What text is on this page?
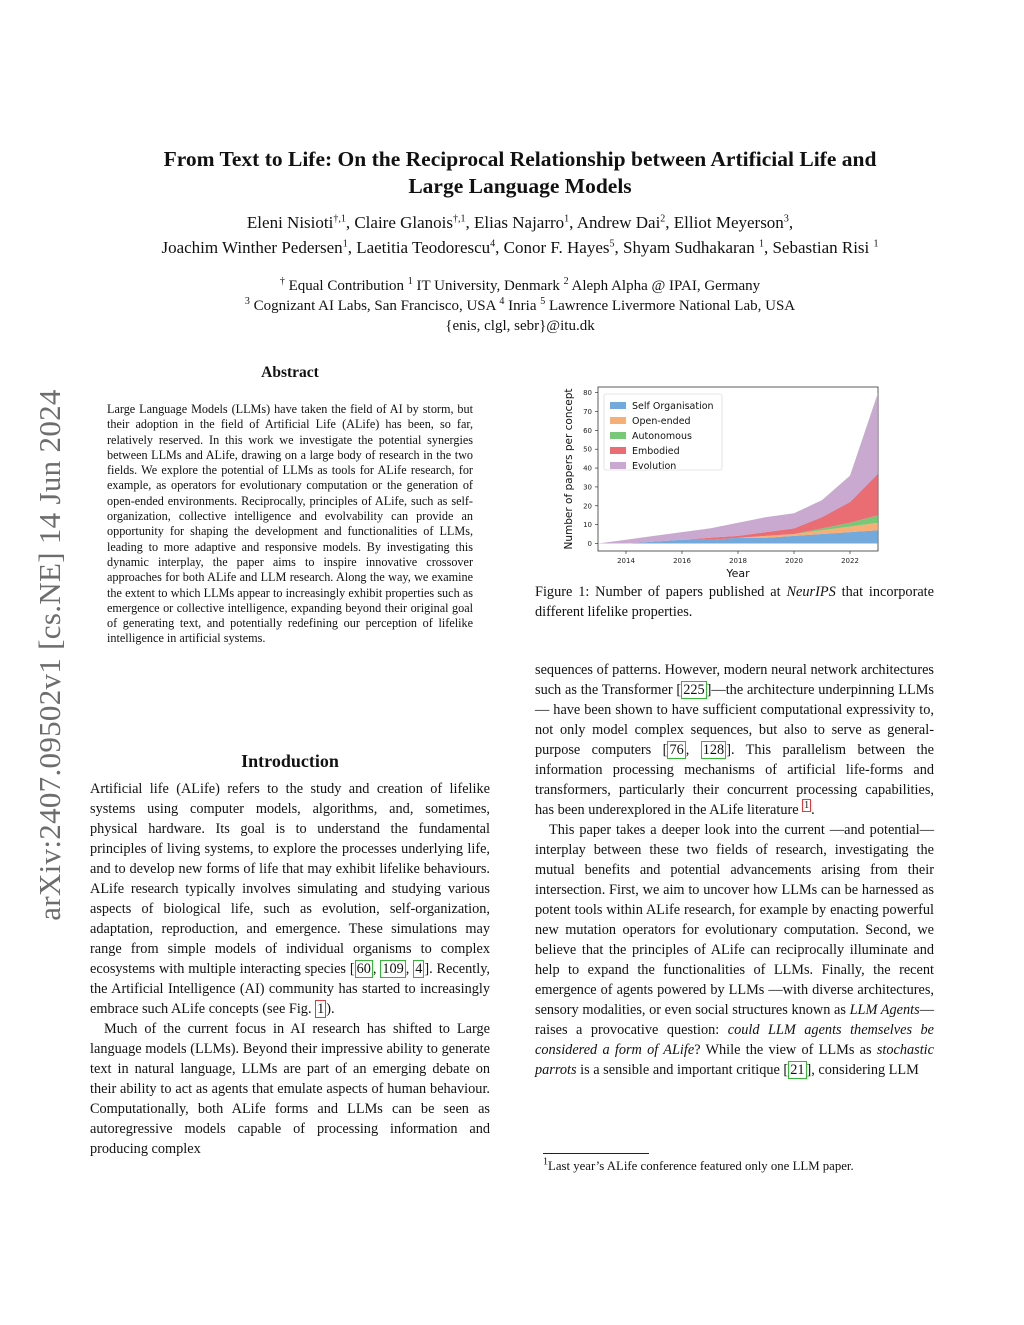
arXiv:2407.09502v1 [cs.NE] 14 Jun 2024
From Text to Life: On the Reciprocal Relationship between Artificial Life and
Large Language Models
Eleni Nisioti$^{\dagger,1}$, Claire Glanois$^{\dagger,1}$, Elias Najarro$^1$, Andrew Dai$^2$, Elliot Meyerson$^3$,
Joachim Winther Pedersen$^1$, Laetitia Teodorescu$^4$, Conor F. Hayes$^5$, Shyam Sudhakaran $^1$, Sebastian Risi $^1$
† Equal Contribution $^1$ IT University, Denmark $^2$ Aleph Alpha @ IPAI, Germany
$^3$ Cognizant AI Labs, San Francisco, USA $^4$ Inria $^5$ Lawrence Livermore National Lab, USA
{enis, clgl, sebr}@itu.dk
Abstract
Large Language Models (LLMs) have taken the field of AI by storm, but their adoption in the field of Artificial Life (ALife) has been, so far, relatively reserved. In this work we investigate the potential synergies between LLMs and ALife, drawing on a large body of research in the two fields. We explore the potential of LLMs as tools for ALife research, for example, as operators for evolutionary computation or the generation of open-ended environments. Reciprocally, principles of ALife, such as self-organization, collective intelligence and evolvability can provide an opportunity for shaping the development and functionalities of LLMs, leading to more adaptive and responsive models. By investigating this dynamic interplay, the paper aims to inspire innovative crossover approaches for both ALife and LLM research. Along the way, we examine the extent to which LLMs appear to increasingly exhibit properties such as emergence or collective intelligence, expanding beyond their original goal of generating text, and potentially redefining our perception of lifelike intelligence in artificial systems.
Introduction

Artificial life (ALife) refers to the study and creation of lifelike systems using computer models, algorithms, and, sometimes, physical hardware. Its goal is to understand the fundamental principles of living systems, to explore the processes underlying life, and to develop new forms of life that may exhibit lifelike behaviours. ALife research typically involves simulating and studying various aspects of biological life, such as evolution, self-organization, adaptation, reproduction, and emergence. These simulations may range from simple models of individual organisms to complex ecosystems with multiple interacting species [ 60 , 109 , 4 ]. Recently, the Artificial Intelligence (AI) community has started to increasingly embrace such ALife concepts (see Fig. 1 ).

Much of the current focus in AI research has shifted to Large language models (LLMs). Beyond their impressive ability to generate text in natural language, LLMs are part of an emerging debate on their ability to act as agents that emulate aspects of human behaviour. Computationally, both ALife forms and LLMs can be seen as autoregressive models capable of processing information and producing complex

0
10
20
30
40
50
60
70
80
2014	2016	2018	2020	2022
Year
Number of papers per concept	Self Organisation
Open-ended
Autonomous
Embodied
Evolution
Figure 1: Number of papers published at NeurIPS that incorporate different lifelike properties.

sequences of patterns. However, modern neural network architectures such as the Transformer [ 225 ]—the architecture underpinning LLMs— have been shown to have sufficient computational expressivity to, not only model complex sequences, but also to serve as general-purpose computers [ 76 , 128 ]. This parallelism between the information processing mechanisms of artificial life-forms and transformers, particularly their concurrent processing capabilities, has been underexplored in the ALife literature $^1$ .

This paper takes a deeper look into the current —and potential— interplay between these two fields of research, investigating the mutual benefits and potential advancements arising from their intersection. First, we aim to uncover how LLMs can be harnessed as potent tools within ALife research, for example by enacting powerful new mutation operators for evolutionary computation. Second, we believe that the principles of ALife can reciprocally illuminate and help to expand the functionalities of LLMs. Finally, the recent emergence of agents powered by LLMs —with diverse architectures, sensory modalities, or even social structures known as LLM Agents— raises a provocative question: could LLM agents themselves be considered a form of ALife? While the view of LLMs as stochastic parrots is a sensible and important critique [ 21 ], considering LLM

$^1$Last year’s ALife conference featured only one LLM paper.
